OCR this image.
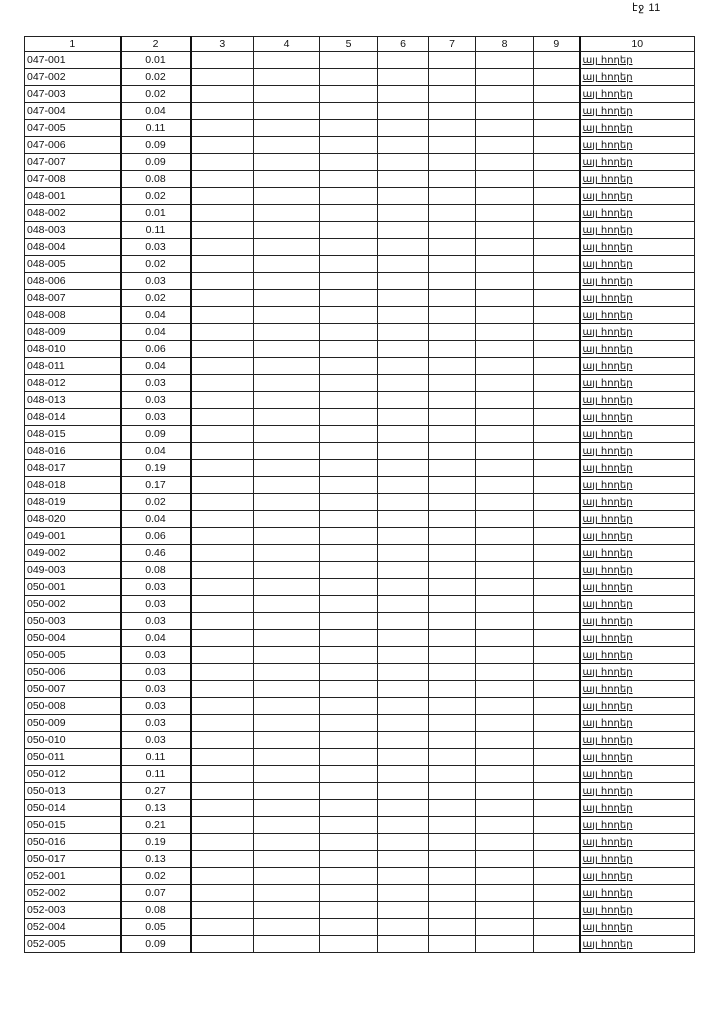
էջ 11
1	2	3	4	5	6	7	8	9	10
047-001	0.01								այլ հողեր
047-002	0.02								այլ հողեր
047-003	0.02								այլ հողեր
047-004	0.04								այլ հողեր
047-005	0.11								այլ հողեր
047-006	0.09								այլ հողեր
047-007	0.09								այլ հողեր
047-008	0.08								այլ հողեր
048-001	0.02								այլ հողեր
048-002	0.01								այլ հողեր
048-003	0.11								այլ հողեր
048-004	0.03								այլ հողեր
048-005	0.02								այլ հողեր
048-006	0.03								այլ հողեր
048-007	0.02								այլ հողեր
048-008	0.04								այլ հողեր
048-009	0.04								այլ հողեր
048-010	0.06								այլ հողեր
048-011	0.04								այլ հողեր
048-012	0.03								այլ հողեր
048-013	0.03								այլ հողեր
048-014	0.03								այլ հողեր
048-015	0.09								այլ հողեր
048-016	0.04								այլ հողեր
048-017	0.19								այլ հողեր
048-018	0.17								այլ հողեր
048-019	0.02								այլ հողեր
048-020	0.04								այլ հողեր
049-001	0.06								այլ հողեր
049-002	0.46								այլ հողեր
049-003	0.08								այլ հողեր
050-001	0.03								այլ հողեր
050-002	0.03								այլ հողեր
050-003	0.03								այլ հողեր
050-004	0.04								այլ հողեր
050-005	0.03								այլ հողեր
050-006	0.03								այլ հողեր
050-007	0.03								այլ հողեր
050-008	0.03								այլ հողեր
050-009	0.03								այլ հողեր
050-010	0.03								այլ հողեր
050-011	0.11								այլ հողեր
050-012	0.11								այլ հողեր
050-013	0.27								այլ հողեր
050-014	0.13								այլ հողեր
050-015	0.21								այլ հողեր
050-016	0.19								այլ հողեր
050-017	0.13								այլ հողեր
052-001	0.02								այլ հողեր
052-002	0.07								այլ հողեր
052-003	0.08								այլ հողեր
052-004	0.05								այլ հողեր
052-005	0.09								այլ հողեր
